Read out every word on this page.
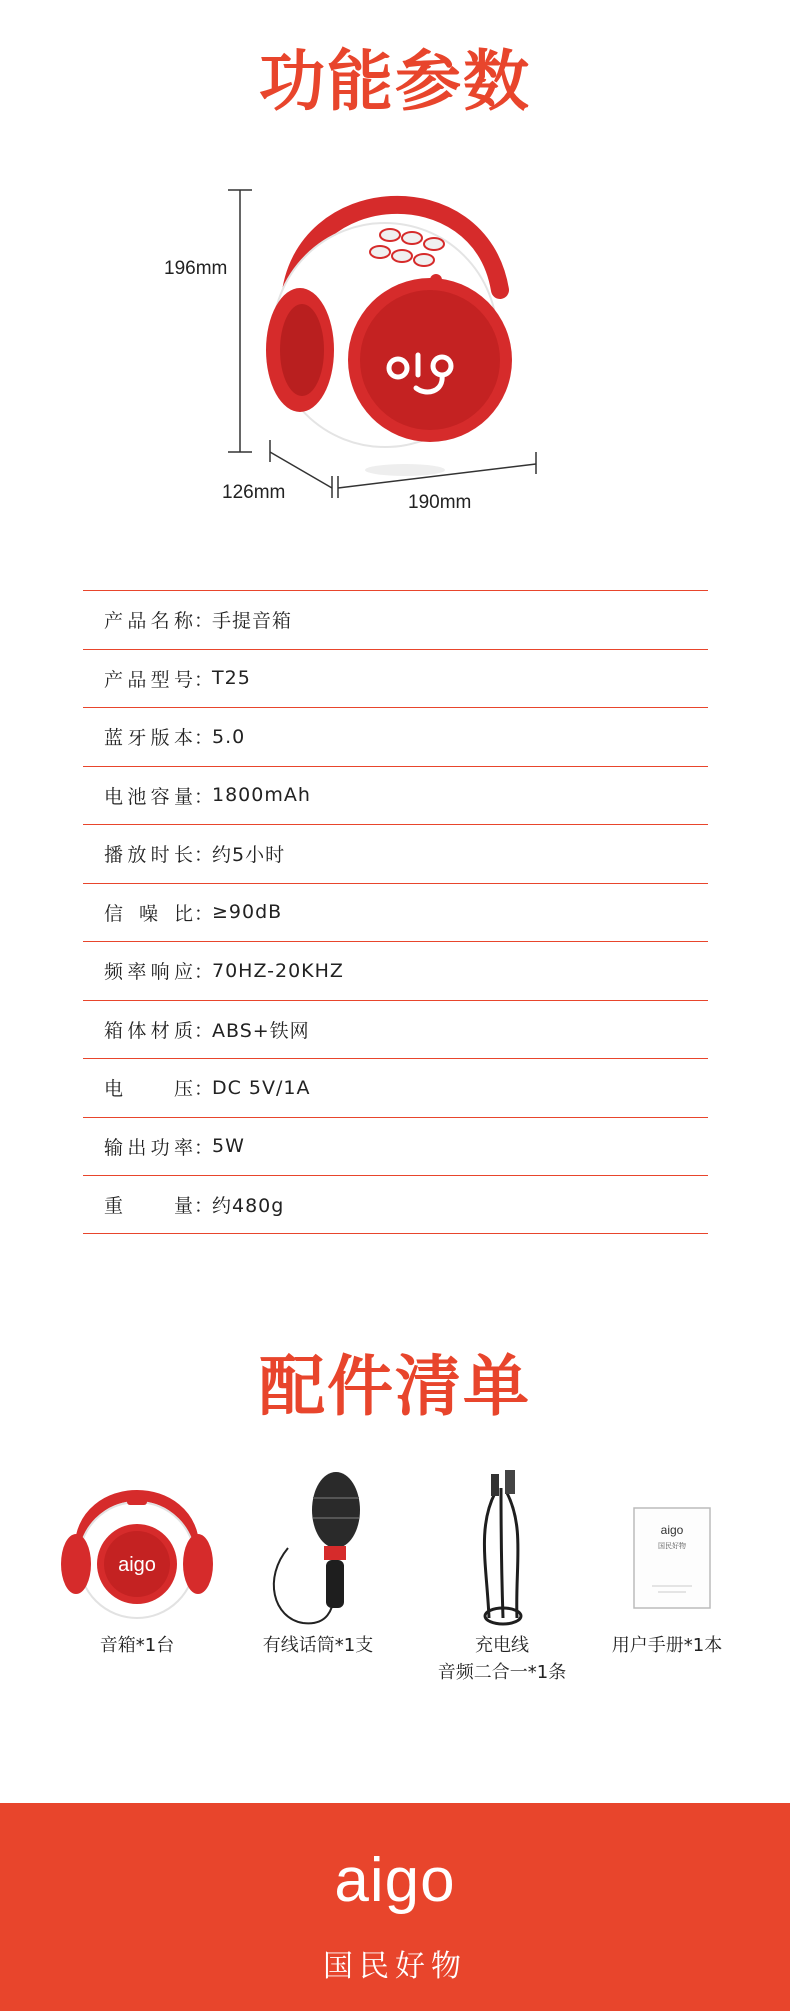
功能参数
196mm
126mm	190mm
产品名称 ：
手提音箱
产品型号 ：
T25
蓝牙版本 ：
5.0
电池容量 ：
1800mAh
播放时长 ：
约5小时
信噪比 ：
≥90dB
频率响应 ：
70HZ-20KHZ
箱体材质 ：
ABS+铁网
电压 ：
DC 5V/1A
输出功率 ：
5W
重量 ：
约480g
配件清单
aigo
音箱*1台	有线话筒*1支	充电线
音频二合一*1条
aigo
国民好物
用户手册*1本
aigo
国民好物
